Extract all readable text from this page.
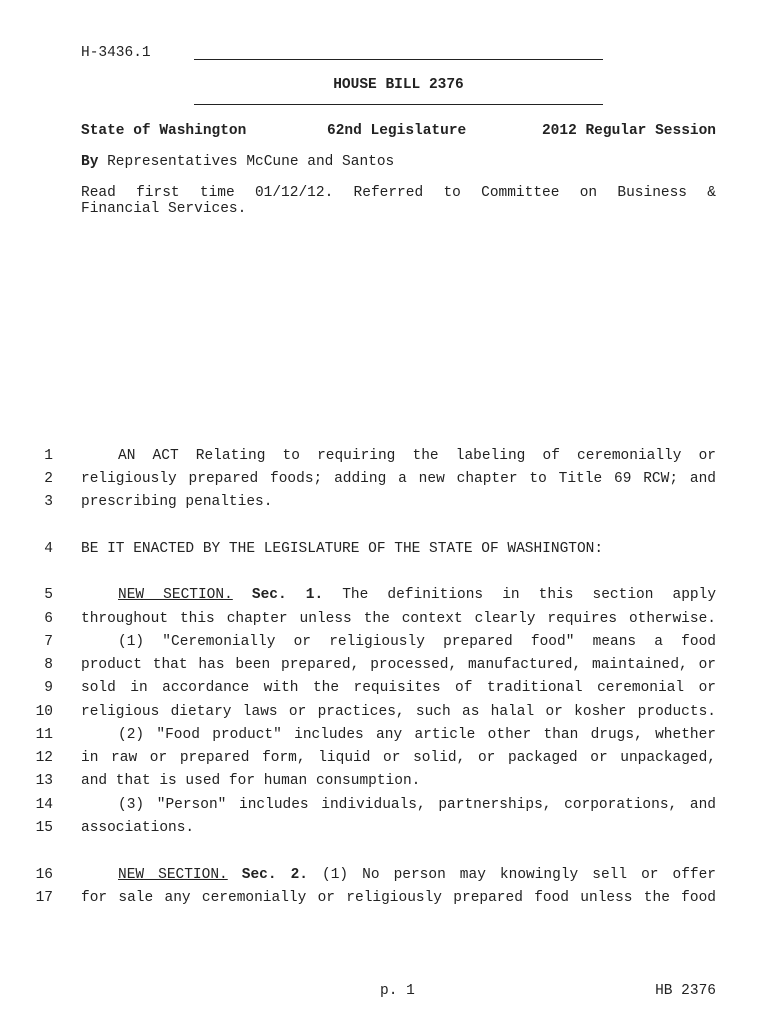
H-3436.1
HOUSE BILL 2376
State of Washington	62nd Legislature	2012 Regular Session
By Representatives McCune and Santos
Read first time 01/12/12. Referred to Committee on Business &
Financial Services.
1
2
3
4
5
6
7
8
9
10
11
12
13
14
15
16
17
AN ACT Relating to requiring the labeling of ceremonially or
religiously prepared foods; adding a new chapter to Title 69 RCW; and
prescribing penalties.
BE IT ENACTED BY THE LEGISLATURE OF THE STATE OF WASHINGTON:
NEW SECTION. Sec. 1. The definitions in this section apply
throughout this chapter unless the context clearly requires otherwise.
(1) "Ceremonially or religiously prepared food" means a food
product that has been prepared, processed, manufactured, maintained, or
sold in accordance with the requisites of traditional ceremonial or
religious dietary laws or practices, such as halal or kosher products.
(2) "Food product" includes any article other than drugs, whether
in raw or prepared form, liquid or solid, or packaged or unpackaged,
and that is used for human consumption.
(3) "Person" includes individuals, partnerships, corporations, and
associations.
NEW SECTION. Sec. 2. (1) No person may knowingly sell or offer
for sale any ceremonially or religiously prepared food unless the food
p. 1	HB 2376
